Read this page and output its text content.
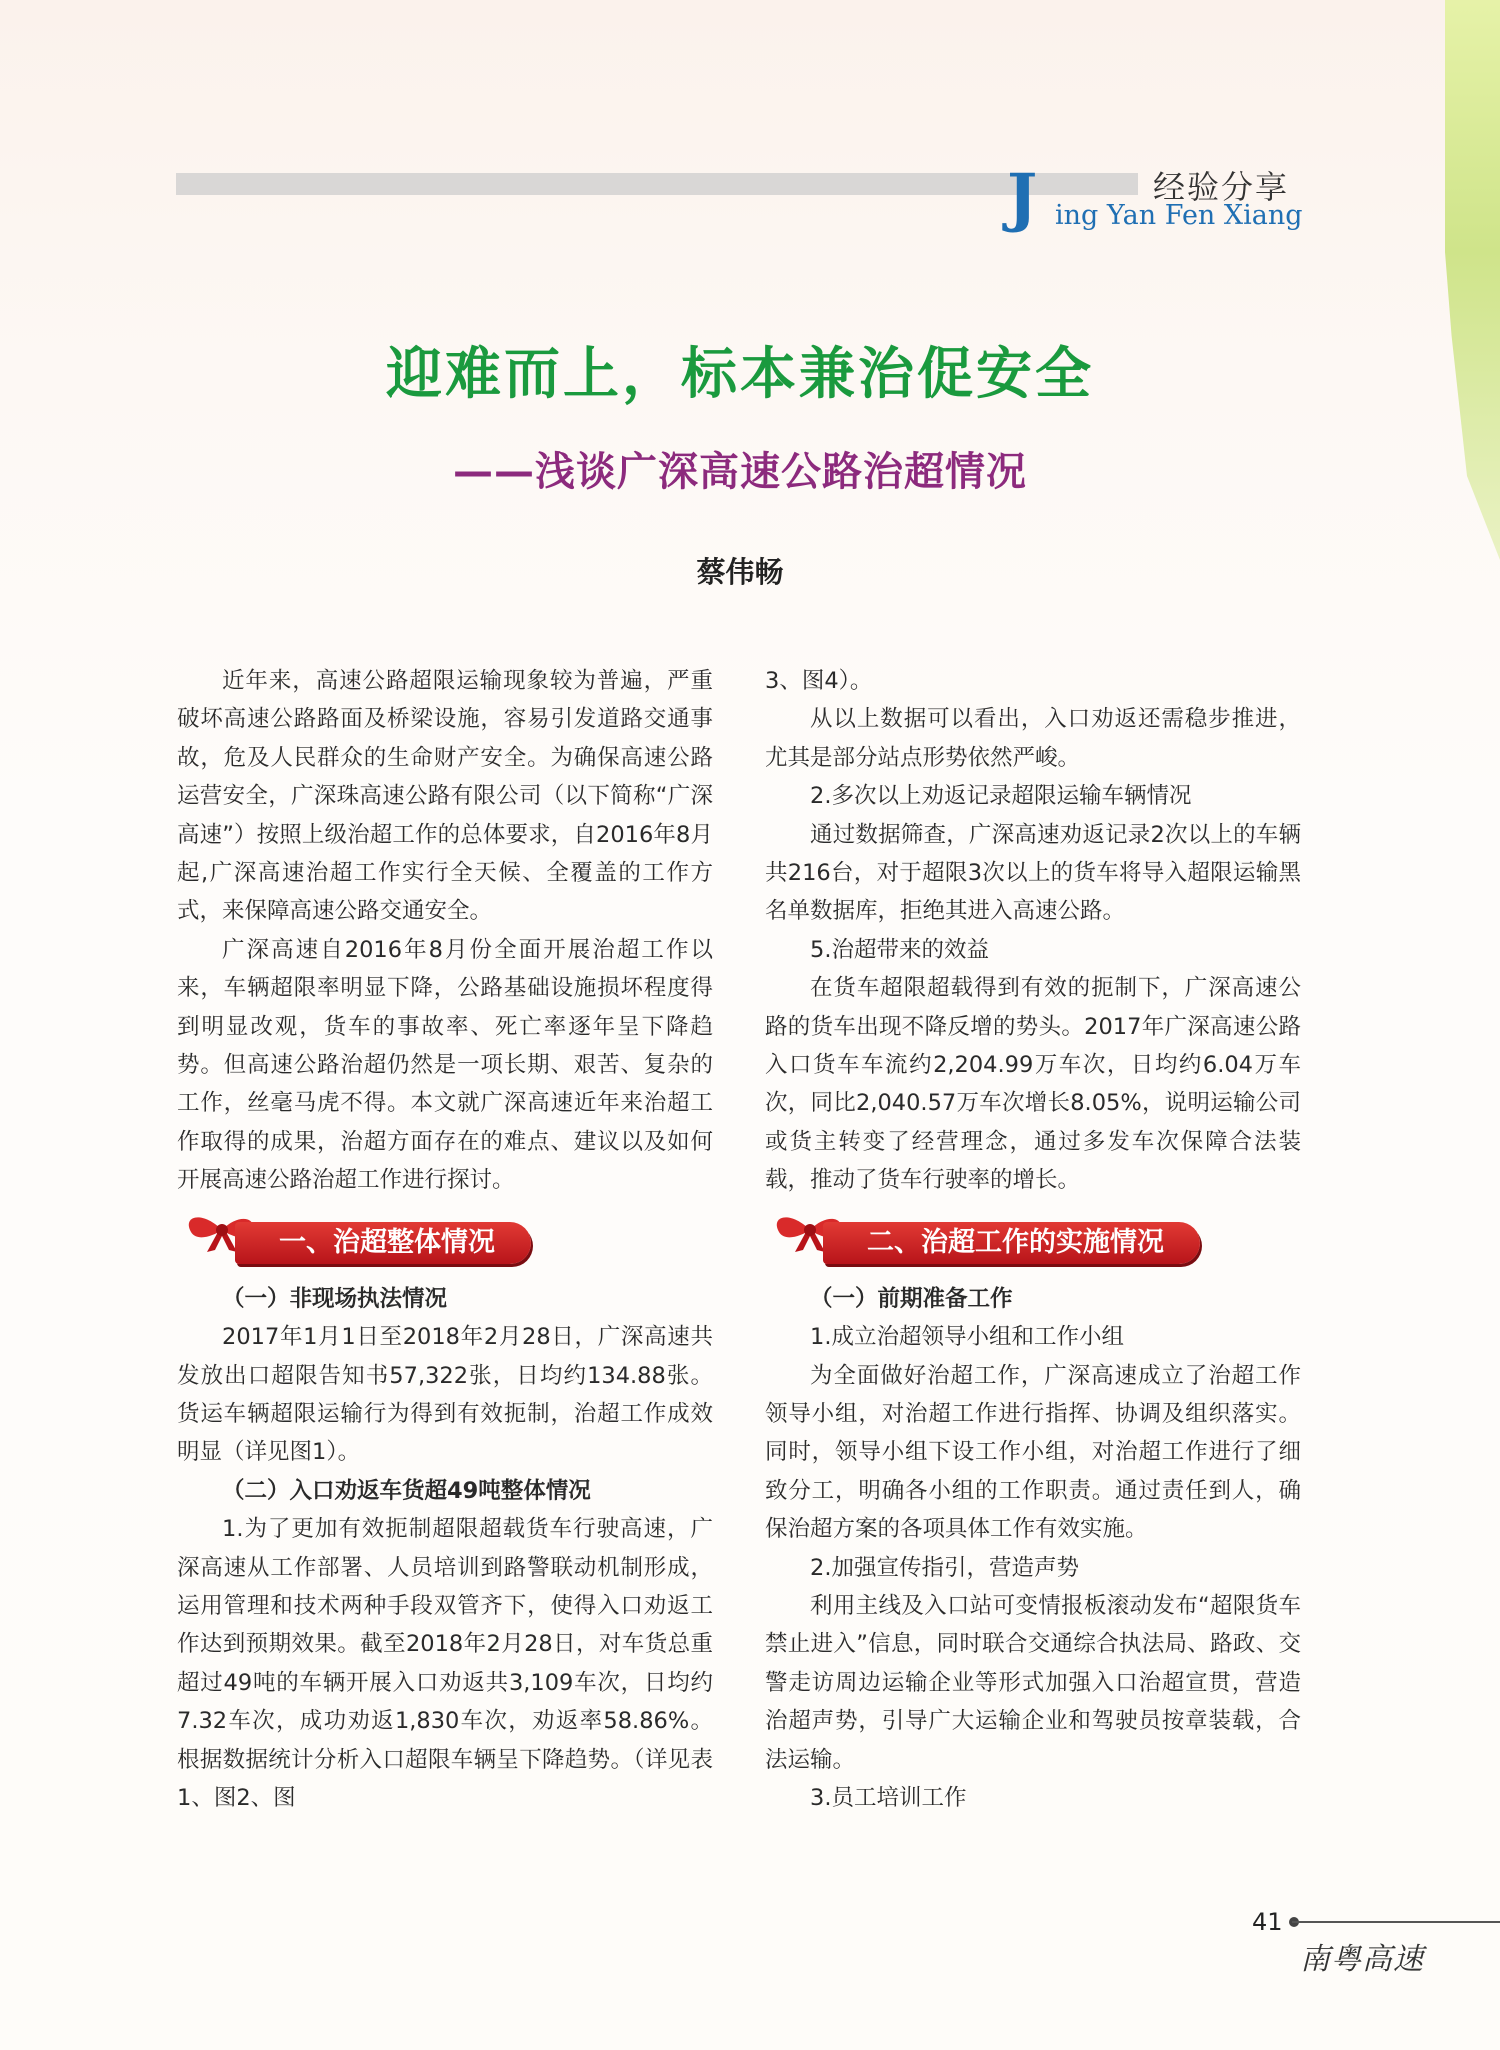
经验分享
J ing Yan Fen Xiang
迎难而上，标本兼治促安全
——浅谈广深高速公路治超情况
蔡伟畅

近年来，高速公路超限运输现象较为普遍，严重破坏高速公路路面及桥梁设施，容易引发道路交通事故，危及人民群众的生命财产安全。为确保高速公路运营安全，广深珠高速公路有限公司（以下简称“广深高速”）按照上级治超工作的总体要求，自2016年8月起,广深高速治超工作实行全天候、全覆盖的工作方式，来保障高速公路交通安全。

广深高速自2016年8月份全面开展治超工作以来，车辆超限率明显下降，公路基础设施损坏程度得到明显改观，货车的事故率、死亡率逐年呈下降趋势。但高速公路治超仍然是一项长期、艰苦、复杂的工作，丝毫马虎不得。本文就广深高速近年来治超工作取得的成果，治超方面存在的难点、建议以及如何开展高速公路治超工作进行探讨。

一、治超整体情况

（一）非现场执法情况

2017年1月1日至2018年2月28日，广深高速共发放出口超限告知书57,322张，日均约134.88张。货运车辆超限运输行为得到有效扼制，治超工作成效明显（详见图1）。

（二）入口劝返车货超49吨整体情况

1.为了更加有效扼制超限超载货车行驶高速，广深高速从工作部署、人员培训到路警联动机制形成，运用管理和技术两种手段双管齐下，使得入口劝返工作达到预期效果。截至2018年2月28日，对车货总重超过49吨的车辆开展入口劝返共3,109车次，日均约7.32车次，成功劝返1,830车次，劝返率58.86%。根据数据统计分析入口超限车辆呈下降趋势。（详见表1、图2、图

3、图4）。

从以上数据可以看出，入口劝返还需稳步推进，尤其是部分站点形势依然严峻。

2.多次以上劝返记录超限运输车辆情况

通过数据筛查，广深高速劝返记录2次以上的车辆共216台，对于超限3次以上的货车将导入超限运输黑名单数据库，拒绝其进入高速公路。

5.治超带来的效益

在货车超限超载得到有效的扼制下，广深高速公路的货车出现不降反增的势头。2017年广深高速公路入口货车车流约2,204.99万车次，日均约6.04万车次，同比2,040.57万车次增长8.05%，说明运输公司或货主转变了经营理念，通过多发车次保障合法装载，推动了货车行驶率的增长。

二、治超工作的实施情况

（一）前期准备工作

1.成立治超领导小组和工作小组

为全面做好治超工作，广深高速成立了治超工作领导小组，对治超工作进行指挥、协调及组织落实。同时，领导小组下设工作小组，对治超工作进行了细致分工，明确各小组的工作职责。通过责任到人，确保治超方案的各项具体工作有效实施。

2.加强宣传指引，营造声势

利用主线及入口站可变情报板滚动发布“超限货车禁止进入”信息，同时联合交通综合执法局、路政、交警走访周边运输企业等形式加强入口治超宣贯，营造治超声势，引导广大运输企业和驾驶员按章装载，合法运输。

3.员工培训工作

41
南粤高速
